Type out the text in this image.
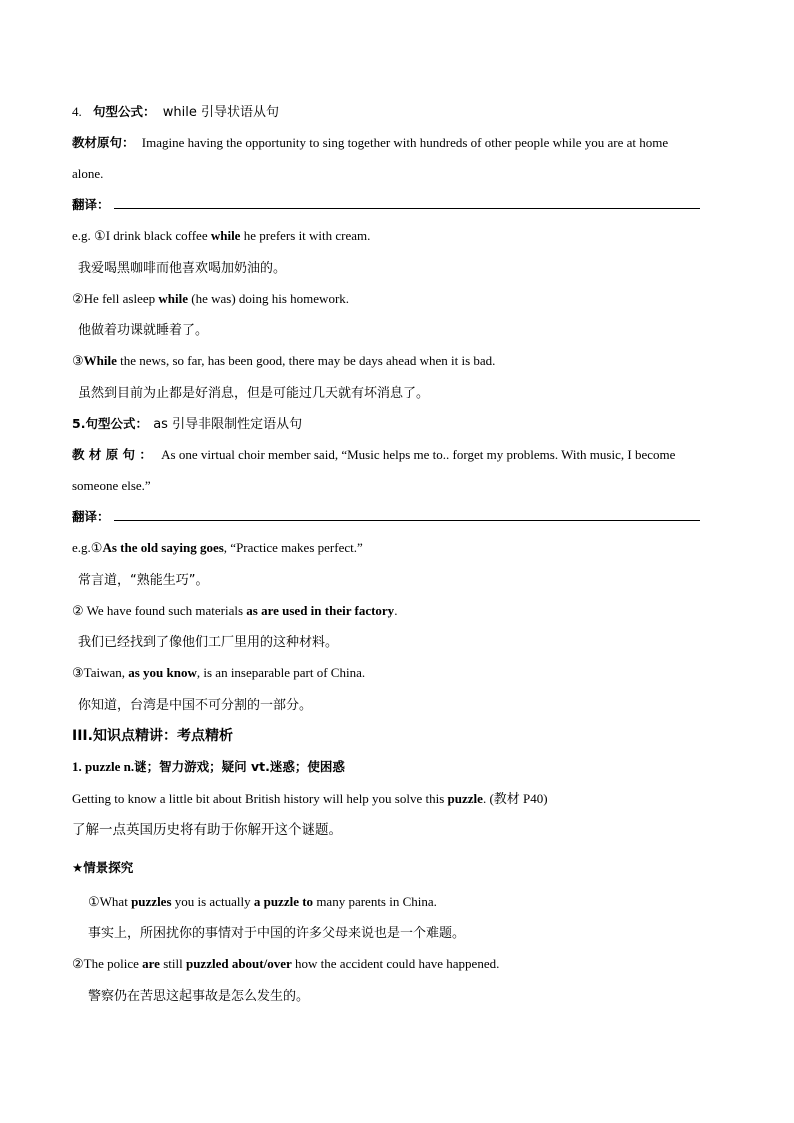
4. 句型公式： while 引导状语从句
教材原句： Imagine having the opportunity to sing together with hundreds of other people while you are at home
alone.
翻译：
e.g. ①I drink black coffee while he prefers it with cream.
我爱喝黑咖啡而他喜欢喝加奶油的。
②He fell asleep while (he was) doing his homework.
他做着功课就睡着了。
③While the news, so far, has been good, there may be days ahead when it is bad.
虽然到目前为止都是好消息，但是可能过几天就有坏消息了。
5.句型公式： as 引导非限制性定语从句
教 材 原 句 ： As one virtual choir member said, “Music helps me to.. forget my problems. With music, I become
someone else.”
翻译：
e.g.①As the old saying goes, “Practice makes perfect.”
常言道，“熟能生巧”。
② We have found such materials as are used in their factory.
我们已经找到了像他们工厂里用的这种材料。
③Taiwan, as you know, is an inseparable part of China.
你知道，台湾是中国不可分割的一部分。
III.知识点精讲：考点精析
1. puzzle n.谜；智力游戏；疑问 vt.迷惑；使困惑
Getting to know a little bit about British history will help you solve this puzzle. (教材 P40)
了解一点英国历史将有助于你解开这个谜题。
★情景探究
①What puzzles you is actually a puzzle to many parents in China.
事实上，所困扰你的事情对于中国的许多父母来说也是一个难题。
②The police are still puzzled about/over how the accident could have happened.
警察仍在苦思这起事故是怎么发生的。
